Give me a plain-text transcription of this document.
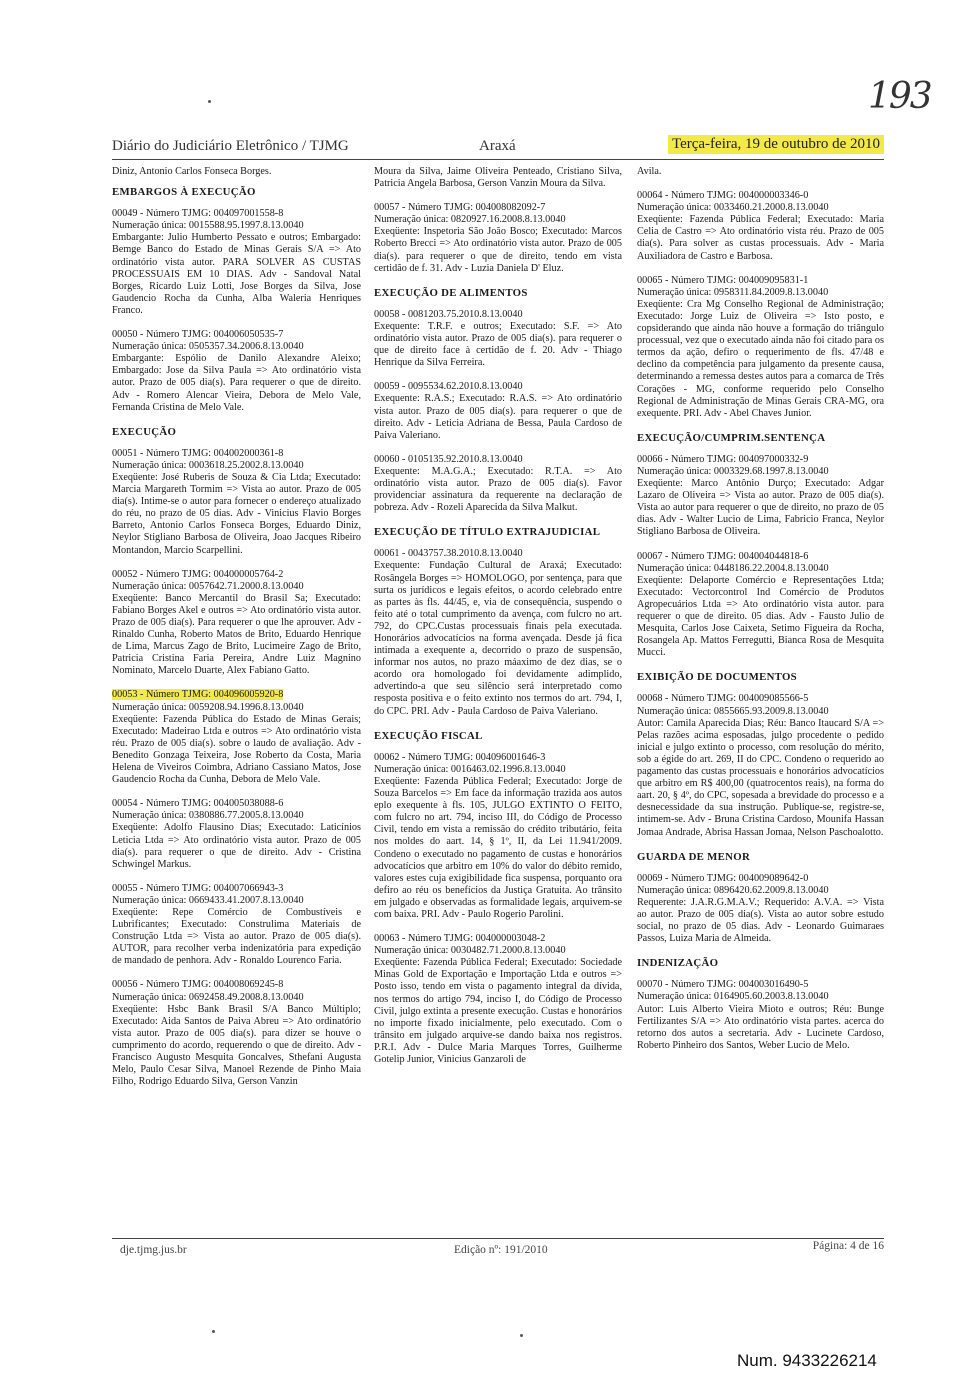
193
Diário do Judiciário Eletrônico / TJMG	Araxá	Terça-feira, 19 de outubro de 2010

Diniz, Antonio Carlos Fonseca Borges.

EMBARGOS À EXECUÇÃO
00049 - Número TJMG: 004097001558-8
Numeração única: 0015588.95.1997.8.13.0040

Embargante: Julio Humberto Pessato e outros; Embargado: Bemge Banco do Estado de Minas Gerais S/A => Ato ordinatório vista autor. PARA SOLVER AS CUSTAS PROCESSUAIS EM 10 DIAS. Adv - Sandoval Natal Borges, Ricardo Luiz Lotti, Jose Borges da Silva, Jose Gaudencio Rocha da Cunha, Alba Waleria Henriques Franco.

00050 - Número TJMG: 004006050535-7
Numeração única: 0505357.34.2006.8.13.0040

Embargante: Espólio de Danilo Alexandre Aleixo; Embargado: Jose da Silva Paula => Ato ordinatório vista autor. Prazo de 005 dia(s). Para requerer o que de direito. Adv - Romero Alencar Vieira, Debora de Melo Vale, Fernanda Cristina de Melo Vale.

EXECUÇÃO
00051 - Número TJMG: 004002000361-8
Numeração única: 0003618.25.2002.8.13.0040

Exeqüente: José Ruberis de Souza & Cia Ltda; Executado: Marcia Margareth Tormim => Vista ao autor. Prazo de 005 dia(s). Intime-se o autor para fornecer o endereço atualizado do réu, no prazo de 05 dias. Adv - Vinicius Flavio Borges Barreto, Antonio Carlos Fonseca Borges, Eduardo Diniz, Neylor Stigliano Barbosa de Oliveira, Joao Jacques Ribeiro Montandon, Marcio Scarpellini.

00052 - Número TJMG: 004000005764-2
Numeração única: 0057642.71.2000.8.13.0040

Exeqüente: Banco Mercantil do Brasil Sa; Executado: Fabiano Borges Akel e outros => Ato ordinatório vista autor. Prazo de 005 dia(s). Para requerer o que lhe aprouver. Adv - Rinaldo Cunha, Roberto Matos de Brito, Eduardo Henrique de Lima, Marcus Zago de Brito, Lucimeire Zago de Brito, Patricia Cristina Faria Pereira, Andre Luiz Magnino Nominato, Marcelo Duarte, Alex Fabiano Gatto.

00053 - Número TJMG: 004096005920-8
Numeração única: 0059208.94.1996.8.13.0040

Exeqüente: Fazenda Pública do Estado de Minas Gerais; Executado: Madeirao Ltda e outros => Ato ordinatório vista réu. Prazo de 005 dia(s). sobre o laudo de avaliação. Adv - Benedito Gonzaga Teixeira, Jose Roberto da Costa, Maria Helena de Viveiros Coimbra, Adriano Cassiano Matos, Jose Gaudencio Rocha da Cunha, Debora de Melo Vale.

00054 - Número TJMG: 004005038088-6
Numeração única: 0380886.77.2005.8.13.0040

Exeqüente: Adolfo Flausino Dias; Executado: Laticínios Leticia Ltda => Ato ordinatório vista autor. Prazo de 005 dia(s). para requerer o que de direito. Adv - Cristina Schwingel Markus.

00055 - Número TJMG: 004007066943-3
Numeração única: 0669433.41.2007.8.13.0040

Exeqüente: Repe Comércio de Combustíveis e Lubrificantes; Executado: Construlima Materiais de Construção Ltda => Vista ao autor. Prazo de 005 dia(s). AUTOR, para recolher verba indenizatória para expedição de mandado de penhora. Adv - Ronaldo Lourenco Faria.

00056 - Número TJMG: 004008069245-8
Numeração única: 0692458.49.2008.8.13.0040

Exeqüente: Hsbc Bank Brasil S/A Banco Múltiplo; Executado: Aida Santos de Paiva Abreu => Ato ordinatório vista autor. Prazo de 005 dia(s). para dizer se houve o cumprimento do acordo, requerendo o que de direito. Adv - Francisco Augusto Mesquita Goncalves, Sthefani Augusta Melo, Paulo Cesar Silva, Manoel Rezende de Pinho Maia Filho, Rodrigo Eduardo Silva, Gerson Vanzin

Moura da Silva, Jaime Oliveira Penteado, Cristiano Silva, Patricia Angela Barbosa, Gerson Vanzin Moura da Silva.

00057 - Número TJMG: 004008082092-7
Numeração única: 0820927.16.2008.8.13.0040

Exeqüente: Inspetoria São João Bosco; Executado: Marcos Roberto Brecci => Ato ordinatório vista autor. Prazo de 005 dia(s). para requerer o que de direito, tendo em vista certidão de f. 31. Adv - Luzia Daniela D' Eluz.

EXECUÇÃO DE ALIMENTOS
00058 - 0081203.75.2010.8.13.0040

Exequente: T.R.F. e outros; Executado: S.F. => Ato ordinatório vista autor. Prazo de 005 dia(s). para requerer o que de direito face à certidão de f. 20. Adv - Thiago Henrique da Silva Ferreira.

00059 - 0095534.62.2010.8.13.0040

Exequente: R.A.S.; Executado: R.A.S. => Ato ordinatório vista autor. Prazo de 005 dia(s). para requerer o que de direito. Adv - Leticia Adriana de Bessa, Paula Cardoso de Paiva Valeriano.

00060 - 0105135.92.2010.8.13.0040

Exequente: M.A.G.A.; Executado: R.T.A. => Ato ordinatório vista autor. Prazo de 005 dia(s). Favor providenciar assinatura da requerente na declaração de pobreza. Adv - Rozeli Aparecida da Silva Malkut.

EXECUÇÃO DE TÍTULO EXTRAJUDICIAL
00061 - 0043757.38.2010.8.13.0040

Exequente: Fundação Cultural de Araxá; Executado: Rosângela Borges => HOMOLOGO, por sentença, para que surta os jurídicos e legais efeitos, o acordo celebrado entre as partes às fls. 44/45, e, via de consequência, suspendo o feito até o total cumprimento da avença, com fulcro no art. 792, do CPC.Custas processuais finais pela executada. Honorários advocatícios na forma avençada. Desde já fica intimada a exequente a, decorrido o prazo de suspensão, informar nos autos, no prazo máaximo de dez dias, se o acordo ora homologado foi devidamente adimplido, advertindo-a que seu silêncio será interpretado como resposta positiva e o feito extinto nos termos do art. 794, I, do CPC. PRI. Adv - Paula Cardoso de Paiva Valeriano.

EXECUÇÃO FISCAL
00062 - Número TJMG: 004096001646-3
Numeração única: 0016463.02.1996.8.13.0040

Exeqüente: Fazenda Pública Federal; Executado: Jorge de Souza Barcelos => Em face da informação trazida aos autos eplo exequente à fls. 105, JULGO EXTINTO O FEITO, com fulcro no art. 794, inciso III, do Código de Processo Civil, tendo em vista a remissão do crédito tributário, feita nos moldes do aart. 14, § 1º, II, da Lei 11.941/2009. Condeno o executado no pagamento de custas e honorários advocatícios que arbitro em 10% do valor do débito remido, valores estes cuja exigibilidade fica suspensa, porquanto ora defiro ao réu os benefícios da Justiça Gratuita. Ao trânsito em julgado e observadas as formalidade legais, arquivem-se com baixa. PRI. Adv - Paulo Rogerio Parolini.

00063 - Número TJMG: 004000003048-2
Numeração única: 0030482.71.2000.8.13.0040

Exeqüente: Fazenda Pública Federal; Executado: Sociedade Minas Gold de Exportação e Importação Ltda e outros => Posto isso, tendo em vista o pagamento integral da dívida, nos termos do artigo 794, inciso I, do Código de Processo Civil, julgo extinta a presente execução. Custas e honorários no importe fixado inicialmente, pelo executado. Com o trânsito em julgado arquive-se dando baixa nos registros. P.R.I. Adv - Dulce Maria Marques Torres, Guilherme Gotelip Junior, Vinicius Ganzaroli de

Avila.

00064 - Número TJMG: 004000003346-0
Numeração única: 0033460.21.2000.8.13.0040

Exeqüente: Fazenda Pública Federal; Executado: Maria Celia de Castro => Ato ordinatório vista réu. Prazo de 005 dia(s). Para solver as custas processuais. Adv - Maria Auxiliadora de Castro e Barbosa.

00065 - Número TJMG: 004009095831-1
Numeração única: 0958311.84.2009.8.13.0040

Exeqüente: Cra Mg Conselho Regional de Administração; Executado: Jorge Luiz de Oliveira => Isto posto, e copsiderando que ainda não houve a formação do triângulo processual, vez que o executado ainda não foi citado para os termos da ação, defiro o requerimento de fls. 47/48 e declino da competência para julgamento da presente causa, determinando a remessa destes autos para a comarca de Três Corações - MG, conforme requerido pelo Conselho Regional de Administração de Minas Gerais CRA-MG, ora exequente. PRI. Adv - Abel Chaves Junior.

EXECUÇÃO/CUMPRIM.SENTENÇA
00066 - Número TJMG: 004097000332-9
Numeração única: 0003329.68.1997.8.13.0040

Exeqüente: Marco Antônio Durço; Executado: Adgar Lazaro de Oliveira => Vista ao autor. Prazo de 005 dia(s). Vista ao autor para requerer o que de direito, no prazo de 05 dias. Adv - Walter Lucio de Lima, Fabricio Franca, Neylor Stigliano Barbosa de Oliveira.

00067 - Número TJMG: 004004044818-6
Numeração única: 0448186.22.2004.8.13.0040

Exeqüente: Delaporte Comércio e Representações Ltda; Executado: Vectorcontrol Ind Comércio de Produtos Agropecuários Ltda => Ato ordinatório vista autor. para requerer o que de direito. 05 dias. Adv - Fausto Julio de Mesquita, Carlos Jose Caixeta, Setimo Figueira da Rocha, Rosangela Ap. Mattos Ferregutti, Bianca Rosa de Mesquita Mucci.

EXIBIÇÃO DE DOCUMENTOS
00068 - Número TJMG: 004009085566-5
Numeração única: 0855665.93.2009.8.13.0040

Autor: Camila Aparecida Dias; Réu: Banco Itaucard S/A => Pelas razões acima esposadas, julgo procedente o pedido inicial e julgo extinto o processo, com resolução do mérito, sob a égide do art. 269, II do CPC. Condeno o requerido ao pagamento das custas processuais e honorários advocatícios que arbitro em R$ 400,00 (quatrocentos reais), na forma do aart. 20, § 4º, do CPC, sopesada a brevidade do processo e a desnecessidade da sua instrução. Publique-se, registre-se, intimem-se. Adv - Bruna Cristina Cardoso, Mounifa Hassan Jomaa Andrade, Abrisa Hassan Jomaa, Nelson Paschoalotto.

GUARDA DE MENOR
00069 - Número TJMG: 004009089642-0
Numeração única: 0896420.62.2009.8.13.0040

Requerente: J.A.R.G.M.A.V.; Requerido: A.V.A. => Vista ao autor. Prazo de 005 dia(s). Vista ao autor sobre estudo social, no prazo de 05 dias. Adv - Leonardo Guimaraes Passos, Luiza Maria de Almeida.

INDENIZAÇÃO
00070 - Número TJMG: 004003016490-5
Numeração única: 0164905.60.2003.8.13.0040

Autor: Luis Alberto Vieira Mioto e outros; Réu: Bunge Fertilizantes S/A => Ato ordinatório vista partes. acerca do retorno dos autos a secretaria. Adv - Lucinete Cardoso, Roberto Pinheiro dos Santos, Weber Lucio de Melo.

dje.tjmg.jus.br	Edição nº: 191/2010	Página: 4 de 16
Num. 9433226214
